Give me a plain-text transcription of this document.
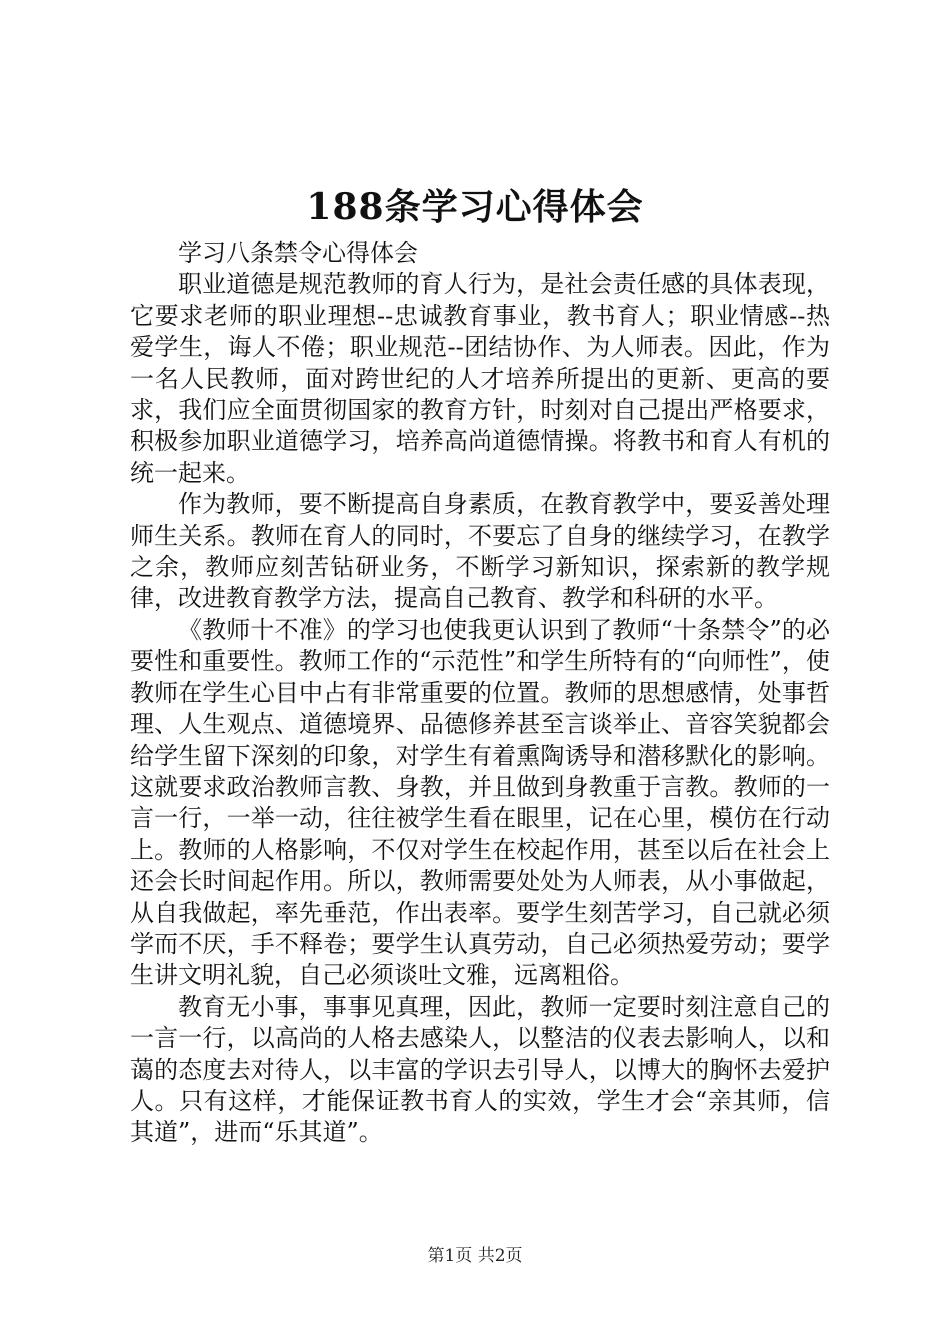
188条学习心得体会

学习八条禁令心得体会

职业道德是规范教师的育人行为，是社会责任感的具体表现，它要求老师的职业理想--忠诚教育事业，教书育人；职业情感--热爱学生，诲人不倦；职业规范--团结协作、为人师表。因此，作为一名人民教师，面对跨世纪的人才培养所提出的更新、更高的要求，我们应全面贯彻国家的教育方针，时刻对自己提出严格要求，积极参加职业道德学习，培养高尚道德情操。将教书和育人有机的统一起来。

作为教师，要不断提高自身素质，在教育教学中，要妥善处理师生关系。教师在育人的同时，不要忘了自身的继续学习，在教学之余，教师应刻苦钻研业务，不断学习新知识，探索新的教学规律，改进教育教学方法，提高自己教育、教学和科研的水平。

《教师十不准》的学习也使我更认识到了教师“十条禁令”的必要性和重要性。教师工作的“示范性”和学生所特有的“向师性”，使教师在学生心目中占有非常重要的位置。教师的思想感情，处事哲理、人生观点、道德境界、品德修养甚至言谈举止、音容笑貌都会给学生留下深刻的印象，对学生有着熏陶诱导和潜移默化的影响。这就要求政治教师言教、身教，并且做到身教重于言教。教师的一言一行，一举一动，往往被学生看在眼里，记在心里，模仿在行动上。教师的人格影响，不仅对学生在校起作用，甚至以后在社会上还会长时间起作用。所以，教师需要处处为人师表，从小事做起，从自我做起，率先垂范，作出表率。要学生刻苦学习，自己就必须学而不厌，手不释卷；要学生认真劳动，自己必须热爱劳动；要学生讲文明礼貌，自己必须谈吐文雅，远离粗俗。

教育无小事，事事见真理，因此，教师一定要时刻注意自己的一言一行，以高尚的人格去感染人，以整洁的仪表去影响人，以和蔼的态度去对待人，以丰富的学识去引导人，以博大的胸怀去爱护人。只有这样，才能保证教书育人的实效，学生才会“亲其师，信其道”，进而“乐其道”。

第1页 共2页
